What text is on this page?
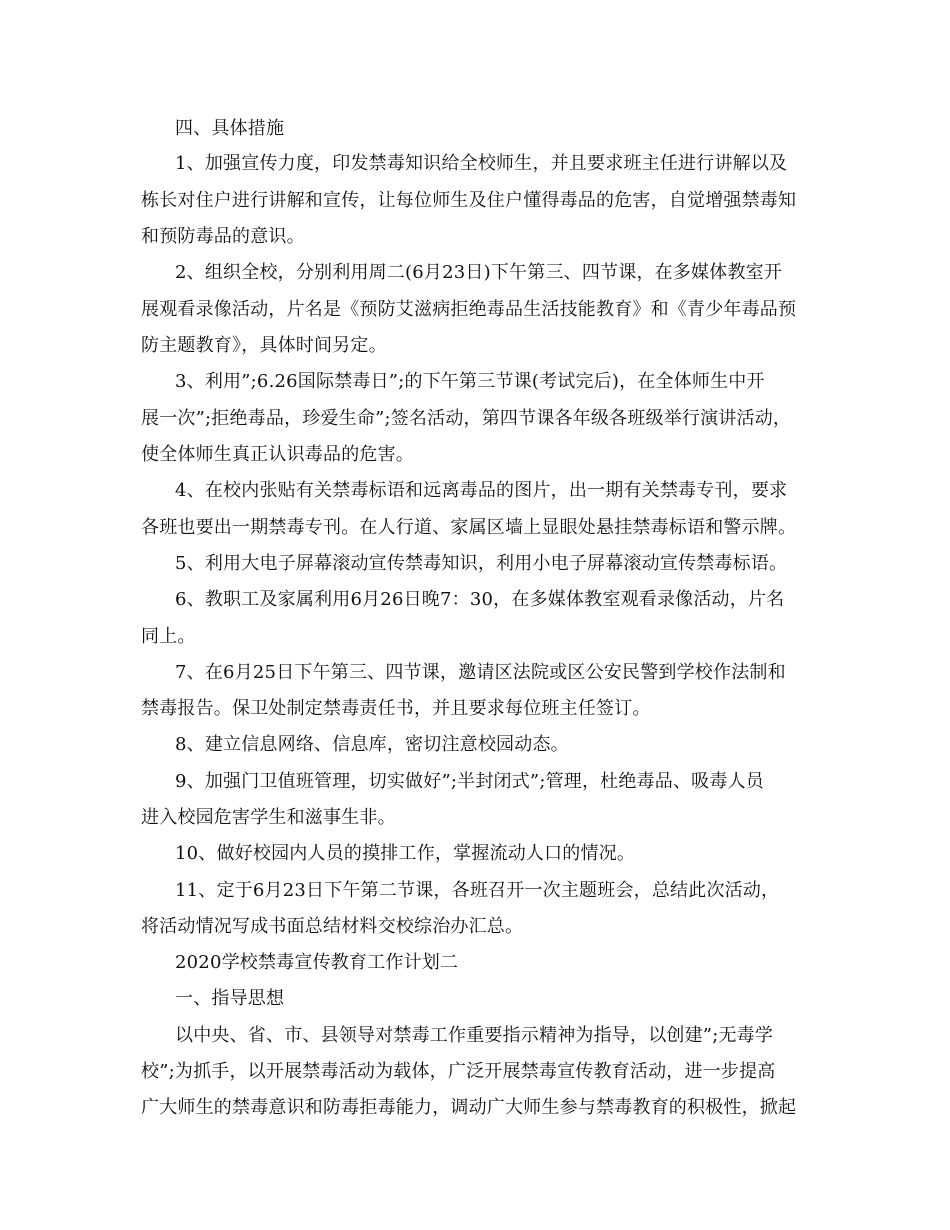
四、具体措施
1、加强宣传力度，印发禁毒知识给全校师生，并且要求班主任进行讲解以及
栋长对住户进行讲解和宣传，让每位师生及住户懂得毒品的危害，自觉增强禁毒知
和预防毒品的意识。
2、组织全校，分别利用周二(6月23日)下午第三、四节课，在多媒体教室开
展观看录像活动，片名是《预防艾滋病拒绝毒品生活技能教育》和《青少年毒品预
防主题教育》，具体时间另定。
3、利用”;6.26国际禁毒日”;的下午第三节课(考试完后)，在全体师生中开
展一次”;拒绝毒品，珍爱生命”;签名活动，第四节课各年级各班级举行演讲活动，
使全体师生真正认识毒品的危害。
4、在校内张贴有关禁毒标语和远离毒品的图片，出一期有关禁毒专刊，要求
各班也要出一期禁毒专刊。在人行道、家属区墙上显眼处悬挂禁毒标语和警示牌。
5、利用大电子屏幕滚动宣传禁毒知识，利用小电子屏幕滚动宣传禁毒标语。
6、教职工及家属利用6月26日晚7：30，在多媒体教室观看录像活动，片名
同上。
7、在6月25日下午第三、四节课，邀请区法院或区公安民警到学校作法制和
禁毒报告。保卫处制定禁毒责任书，并且要求每位班主任签订。
8、建立信息网络、信息库，密切注意校园动态。
9、加强门卫值班管理，切实做好”;半封闭式”;管理，杜绝毒品、吸毒人员
进入校园危害学生和滋事生非。
10、做好校园内人员的摸排工作，掌握流动人口的情况。
11、定于6月23日下午第二节课，各班召开一次主题班会，总结此次活动，
将活动情况写成书面总结材料交校综治办汇总。
2020学校禁毒宣传教育工作计划二
一、指导思想
以中央、省、市、县领导对禁毒工作重要指示精神为指导，以创建”;无毒学
校”;为抓手，以开展禁毒活动为载体，广泛开展禁毒宣传教育活动，进一步提高
广大师生的禁毒意识和防毒拒毒能力，调动广大师生参与禁毒教育的积极性，掀起
